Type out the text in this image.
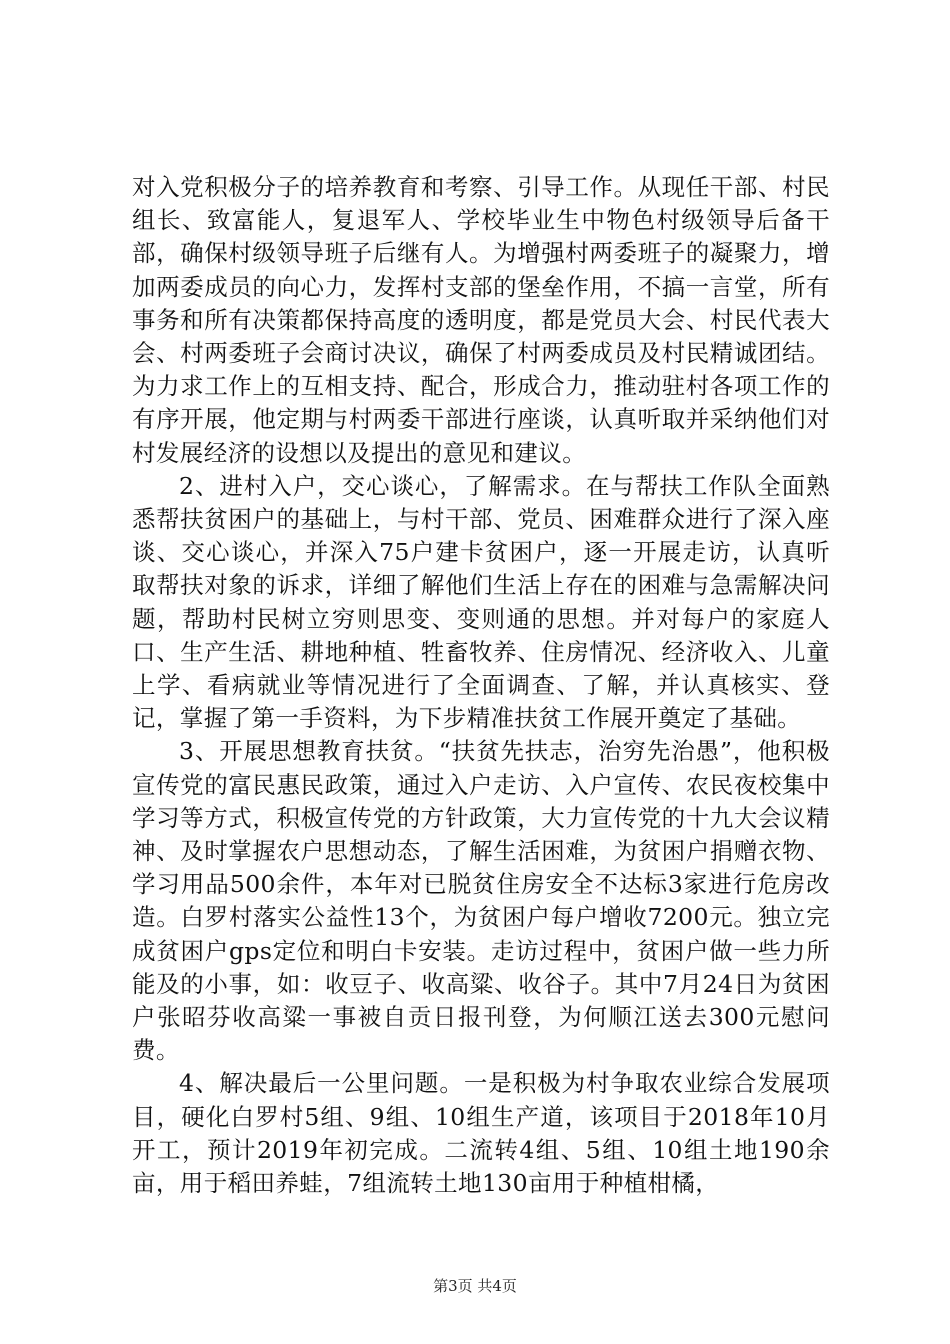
对入党积极分子的培养教育和考察、引导工作。从现任干部、村民组长、致富能人，复退军人、学校毕业生中物色村级领导后备干部，确保村级领导班子后继有人。为增强村两委班子的凝聚力，增加两委成员的向心力，发挥村支部的堡垒作用，不搞一言堂，所有事务和所有决策都保持高度的透明度，都是党员大会、村民代表大会、村两委班子会商讨决议，确保了村两委成员及村民精诚团结。为力求工作上的互相支持、配合，形成合力，推动驻村各项工作的有序开展，他定期与村两委干部进行座谈，认真听取并采纳他们对村发展经济的设想以及提出的意见和建议。

2、进村入户，交心谈心，了解需求。在与帮扶工作队全面熟悉帮扶贫困户的基础上，与村干部、党员、困难群众进行了深入座谈、交心谈心，并深入75户建卡贫困户，逐一开展走访，认真听取帮扶对象的诉求，详细了解他们生活上存在的困难与急需解决问题，帮助村民树立穷则思变、变则通的思想。并对每户的家庭人口、生产生活、耕地种植、牲畜牧养、住房情况、经济收入、儿童上学、看病就业等情况进行了全面调查、了解，并认真核实、登记，掌握了第一手资料，为下步精准扶贫工作展开奠定了基础。

3、开展思想教育扶贫。“扶贫先扶志，治穷先治愚”，他积极宣传党的富民惠民政策，通过入户走访、入户宣传、农民夜校集中学习等方式，积极宣传党的方针政策，大力宣传党的十九大会议精神、及时掌握农户思想动态，了解生活困难，为贫困户捐赠衣物、学习用品500余件，本年对已脱贫住房安全不达标3家进行危房改造。白罗村落实公益性13个，为贫困户每户增收7200元。独立完成贫困户gps定位和明白卡安装。走访过程中，贫困户做一些力所能及的小事，如：收豆子、收高粱、收谷子。其中7月24日为贫困户张昭芬收高粱一事被自贡日报刊登，为何顺江送去300元慰问费。

4、解决最后一公里问题。一是积极为村争取农业综合发展项目，硬化白罗村5组、9组、10组生产道，该项目于2018年10月开工，预计2019年初完成。二流转4组、5组、10组土地190余亩，用于稻田养蛙，7组流转土地130亩用于种植柑橘，

第3页 共4页
